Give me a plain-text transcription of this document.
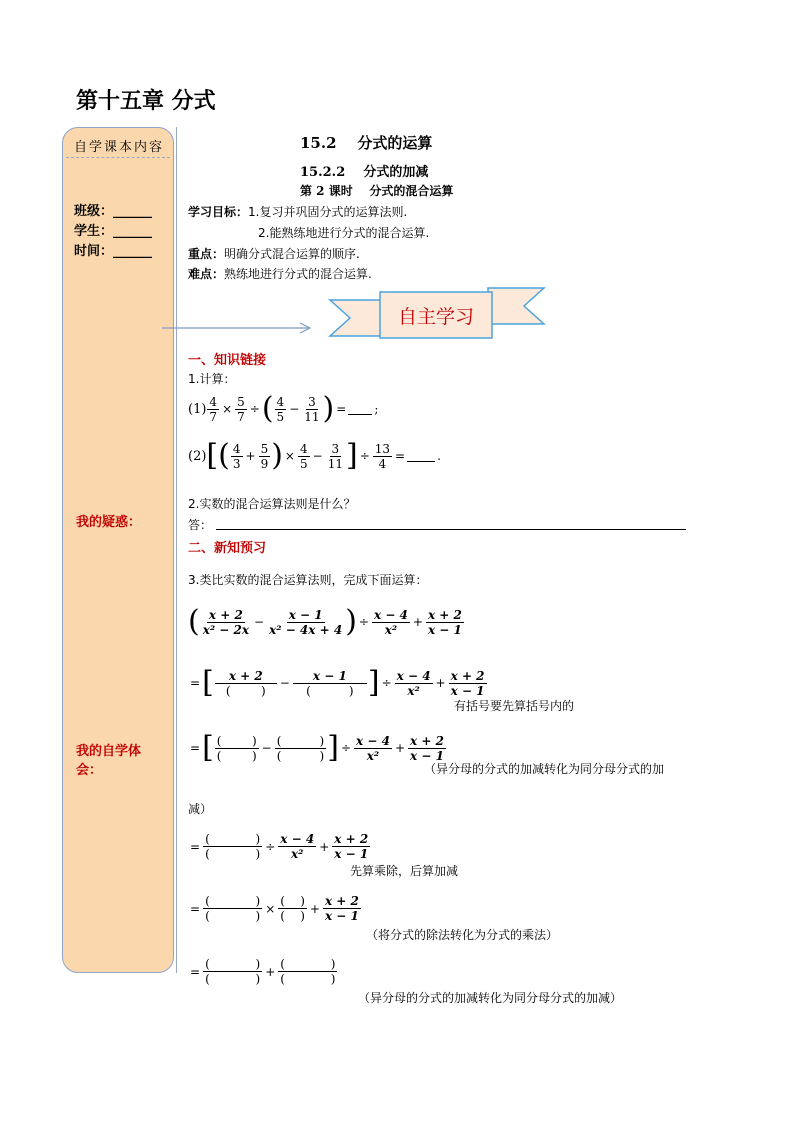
第十五章 分式
自学课本内容
班级：______
学生：______
时间：______
我的疑惑：
我的自学体会：
15.2    分式的运算
15.2.2    分式的加减
第 2 课时    分式的混合运算
学习目标：1.复习并巩固分式的运算法则.
2.能熟练地进行分式的混合运算.
重点：明确分式混合运算的顺序.
难点：熟练地进行分式的混合运算.
自主学习
一、知识链接
1.计算：
$(1) \frac{4}{7} \times \frac{5}{7}$ ÷ ( $\frac{4}{5} - \frac{3}{11}$ ) = ;
(2) [ ( $\frac{4}{3} + \frac{5}{9}$ ) × $\frac{4}{5} - \frac{3}{11}$ ] ÷ $\frac{13}{4}$ =	.
2.实数的混合运算法则是什么？
答：
二、新知预习
3.类比实数的混合运算法则，完成下面运算：
( $\frac{x + 2}{\text{x² − 2x}} - \frac{x - 1}{\text{x² − 4x + 4}}$ ) ÷ $\frac{x - 4}{\text{x²}} + \frac{x + 2}{x - 1}$
= [ $\frac{x + 2}{( )} - \frac{x - 1}{( )}$ ] ÷ $\frac{x - 4}{\text{x²}} + \frac{x + 2}{x - 1}$
有括号要先算括号内的
= [ $\frac{( )}{( )} - \frac{( )}{( )}$ ] ÷ $\frac{x - 4}{\text{x²}} + \frac{x + 2}{x - 1}$
（异分母的分式的加减转化为同分母分式的加
减）
= $\frac{( )}{( )} \div \frac{x - 4}{\text{x²}} + \frac{x + 2}{x - 1}$
先算乘除，后算加减
= $\frac{( )}{( )} \times \frac{( )}{( )} + \frac{x + 2}{x - 1}$
（将分式的除法转化为分式的乘法）
= $\frac{( )}{( )} + \frac{( )}{( )}$
（异分母的分式的加减转化为同分母分式的加减）
